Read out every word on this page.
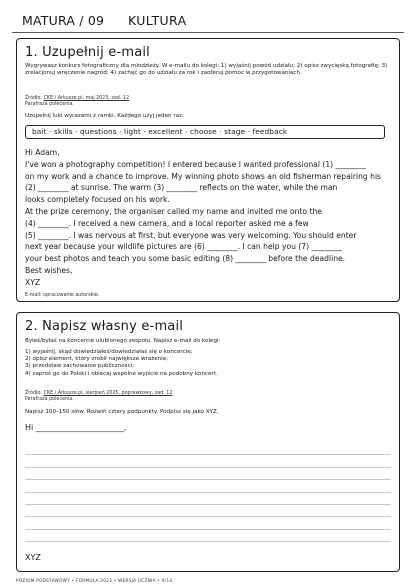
MATURA / 09 KULTURA
1. Uzupełnij e-mail
Wygrywasz konkurs fotograficzny dla młodzieży. W e-mailu do kolegi: 1) wyjaśnij powód udziału; 2) opisz zwycięską fotografię; 3) zrelacjonuj wręczenie nagród; 4) zachęć go do udziału za rok i zaoferuj pomoc w przygotowaniach.
Źródło: CKE / Arkusze.pl, maj 2023, zad. 12
Parafraza polecenia.
Uzupełnij luki wyrazami z ramki. Każdego użyj jeden raz.
bait · skills · questions · light · excellent · choose · stage · feedback
Hi Adam,
I've won a photography competition! I entered because I wanted professional (1) ________
on my work and a chance to improve. My winning photo shows an old fisherman repairing his
(2) ________ at sunrise. The warm (3) ________ reflects on the water, while the man
looks completely focused on his work.
At the prize ceremony, the organiser called my name and invited me onto the
(4) ________. I received a new camera, and a local reporter asked me a few
(5) ________. I was nervous at first, but everyone was very welcoming. You should enter
next year because your wildlife pictures are (6) ________. I can help you (7) ________
your best photos and teach you some basic editing (8) ________ before the deadline.
Best wishes,
XYZ
E-mail: opracowanie autorskie.
2. Napisz własny e-mail
Byłeś/byłaś na koncercie ulubionego zespołu. Napisz e-mail do kolegi:
1) wyjaśnij, skąd dowiedziałeś/dowiedziałaś się o koncercie;
2) opisz element, który zrobił największe wrażenie;
3) przedstaw zachowanie publiczności;
4) zaproś go do Polski i obiecaj wspólne wyjście na podobny koncert.
Źródło: CKE / Arkusze.pl, sierpień 2025, poprawkowy, zad. 12
Parafraza polecenia.
Napisz 100–150 słów. Rozwiń cztery podpunkty. Podpisz się jako XYZ.
Hi ______________________,
XYZ
POZIOM PODSTAWOWY • FORMUŁA 2023 • WERSJA UCZNIA • 9/14
